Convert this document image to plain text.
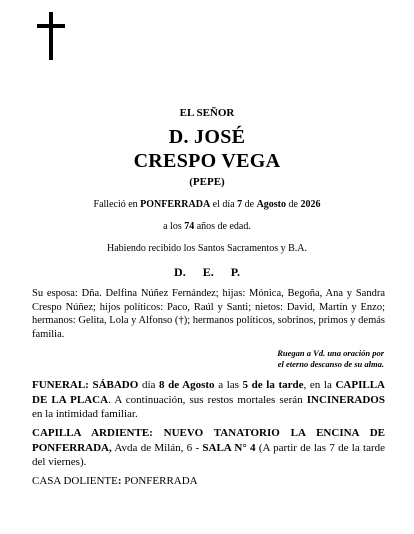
EL SEÑOR
D. JOSÉ
CRESPO VEGA
(PEPE)
Falleció en PONFERRADA el día 7 de Agosto de 2026
a los 74 años de edad.
Habiendo recibido los Santos Sacramentos y B.A.
D. E. P.
Su esposa: Dña. Delfina Núñez Fernández; hijas: Mónica, Begoña, Ana y Sandra Crespo Núñez; hijos políticos: Paco, Raúl y Santi; nietos: David, Martín y Enzo; hermanos: Gelita, Lola y Alfonso (†); hermanos políticos, sobrinos, primos y demás familia.
Ruegan a Vd. una oración por
el eterno descanso de su alma.
FUNERAL: SÁBADO día 8 de Agosto a las 5 de la tarde, en la CAPILLA DE LA PLACA. A continuación, sus restos mortales serán INCINERADOS en la intimidad familiar.
CAPILLA ARDIENTE: NUEVO TANATORIO LA ENCINA DE PONFERRADA, Avda de Milán, 6 - SALA N° 4 (A partir de las 7 de la tarde del viernes).
CASA DOLIENTE: PONFERRADA
